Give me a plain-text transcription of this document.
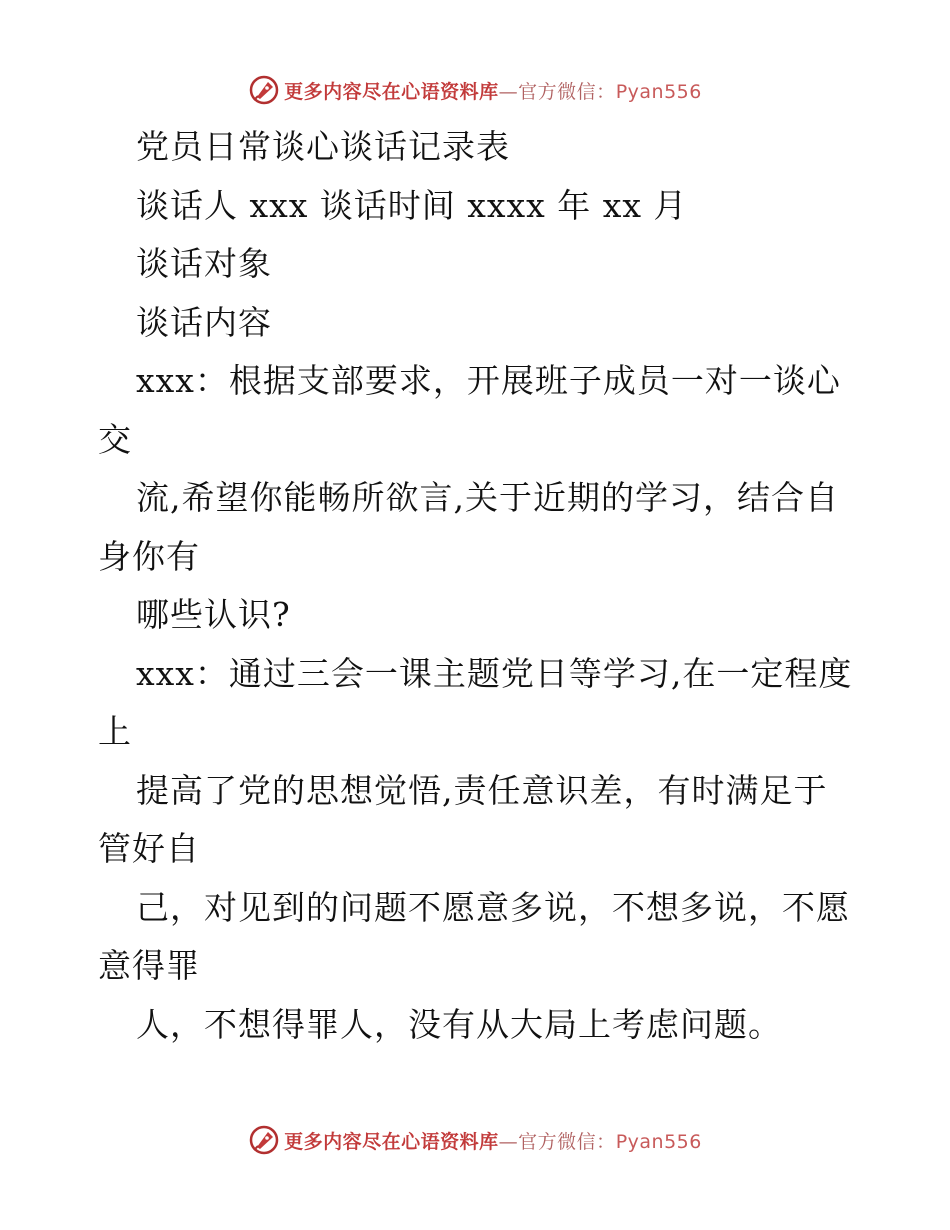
更多内容尽在心语资料库—官方微信：Pyan556
党员日常谈心谈话记录表
谈话人 xxx 谈话时间 xxxx 年 xx 月
谈话对象
谈话内容
xxx：根据支部要求，开展班子成员一对一谈心
交
流,希望你能畅所欲言,关于近期的学习，结合自
身你有
哪些认识?
xxx：通过三会一课主题党日等学习,在一定程度
上
提高了党的思想觉悟,责任意识差，有时满足于
管好自
己，对见到的问题不愿意多说，不想多说，不愿
意得罪
人，不想得罪人，没有从大局上考虑问题。
更多内容尽在心语资料库—官方微信：Pyan556
